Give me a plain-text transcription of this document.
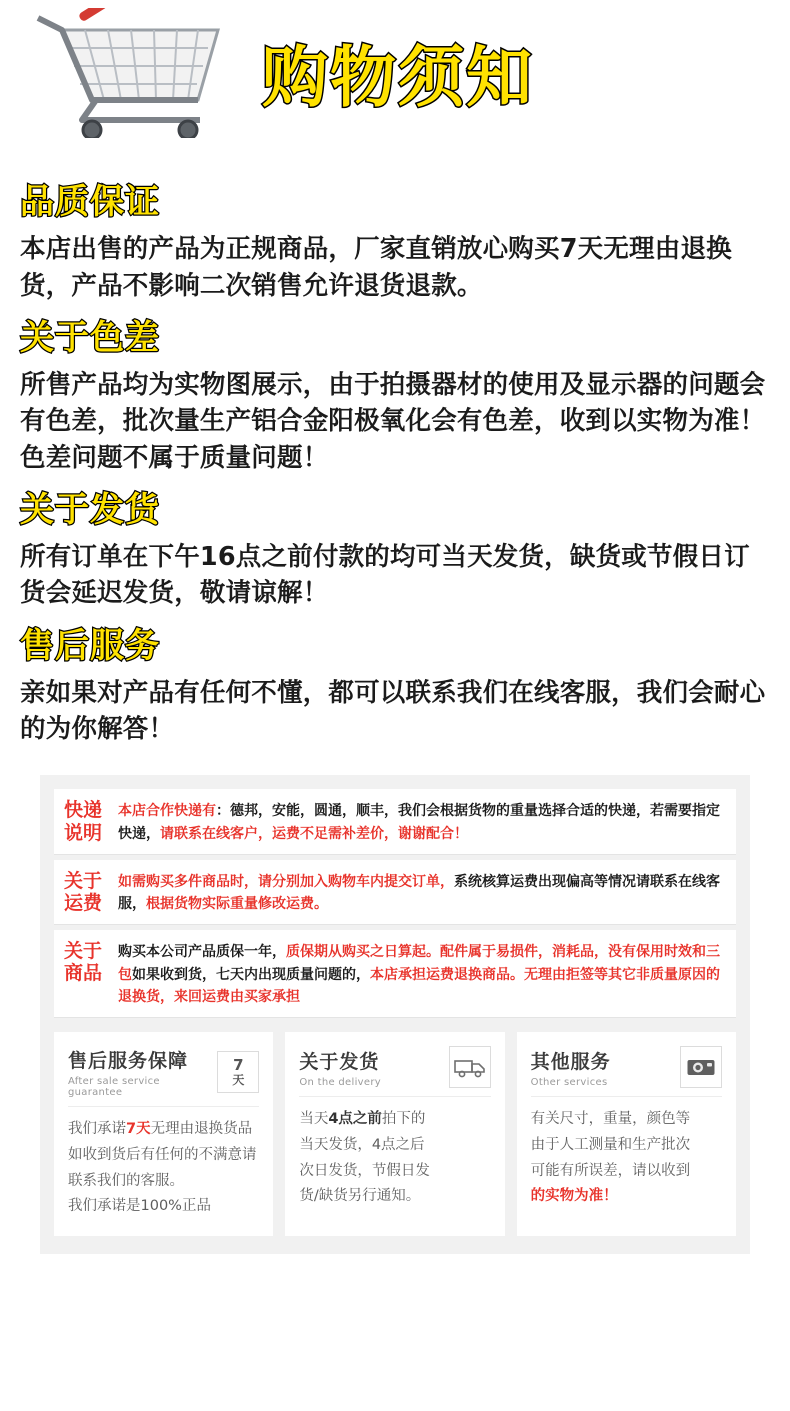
购物须知
品质保证
本店出售的产品为正规商品，厂家直销放心购买7天无理由退换货，产品不影响二次销售允许退货退款。
关于色差
所售产品均为实物图展示，由于拍摄器材的使用及显示器的问题会有色差，批次量生产铝合金阳极氧化会有色差，收到以实物为准！色差问题不属于质量问题！
关于发货
所有订单在下午16点之前付款的均可当天发货，缺货或节假日订货会延迟发货，敬请谅解！
售后服务
亲如果对产品有任何不懂，都可以联系我们在线客服，我们会耐心的为你解答！
快递
说明
本店合作快递有：德邦，安能，圆通，顺丰，我们会根据货物的重量选择合适的快递，若需要指定快递，请联系在线客户，运费不足需补差价，谢谢配合！
关于
运费
如需购买多件商品时，请分别加入购物车内提交订单，系统核算运费出现偏高等情况请联系在线客服，根据货物实际重量修改运费。
关于
商品
购买本公司产品质保一年，质保期从购买之日算起。配件属于易损件，消耗品，没有保用时效和三包如果收到货，七天内出现质量问题的，本店承担运费退换商品。无理由拒签等其它非质量原因的退换货，来回运费由买家承担
售后服务保障
After sale service guarantee
7
天
我们承诺7天无理由退换货品
如收到货后有任何的不满意请
联系我们的客服。
我们承诺是100%正品
关于发货
On the delivery
当天4点之前拍下的
当天发货，4点之后
次日发货，节假日发
货/缺货另行通知。
其他服务
Other services
有关尺寸，重量，颜色等
由于人工测量和生产批次
可能有所误差，请以收到
的实物为准！
